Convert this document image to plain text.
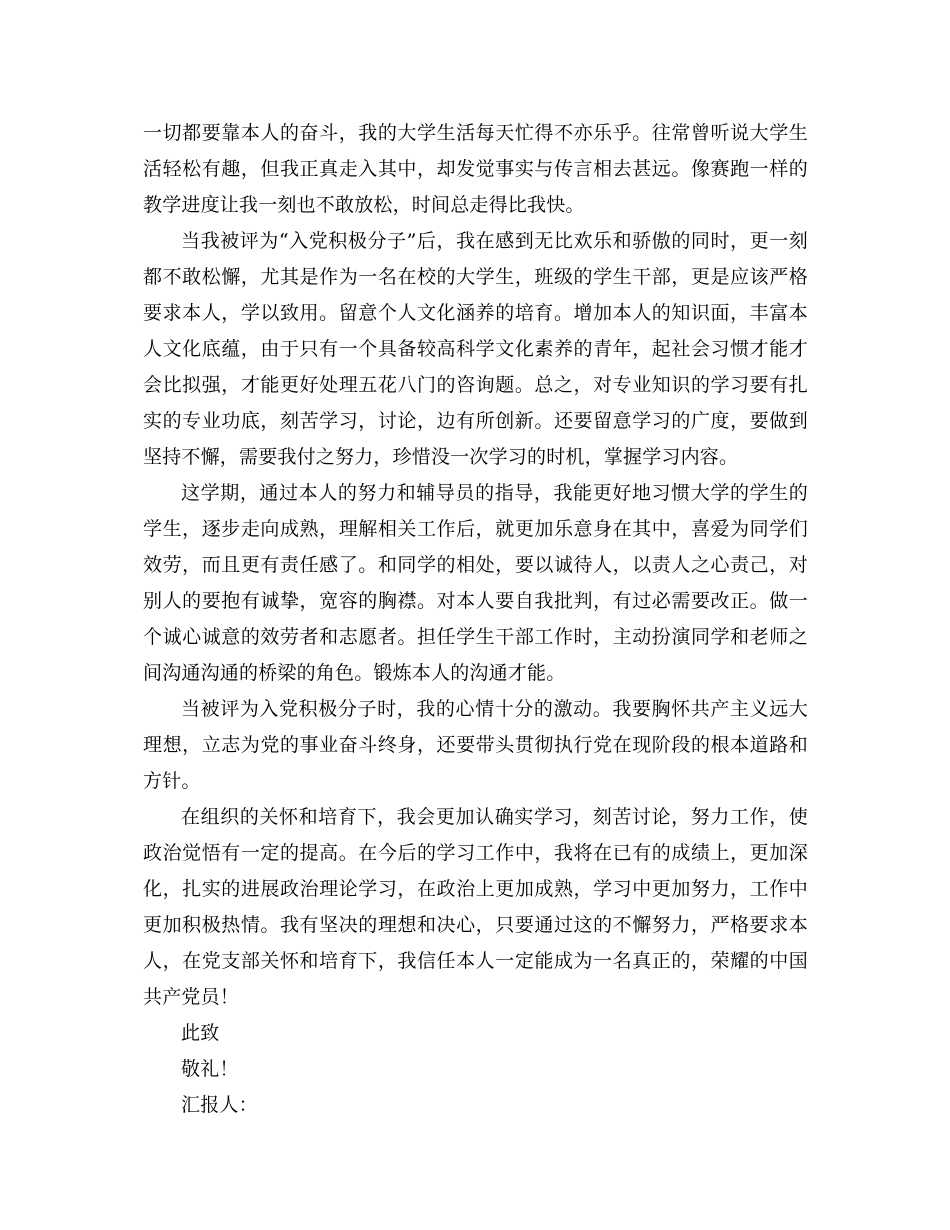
一切都要靠本人的奋斗，我的大学生活每天忙得不亦乐乎。往常曾听说大学生活轻松有趣，但我正真走入其中，却发觉事实与传言相去甚远。像赛跑一样的教学进度让我一刻也不敢放松，时间总走得比我快。

当我被评为“入党积极分子”后，我在感到无比欢乐和骄傲的同时，更一刻都不敢松懈，尤其是作为一名在校的大学生，班级的学生干部，更是应该严格要求本人，学以致用。留意个人文化涵养的培育。增加本人的知识面，丰富本人文化底蕴，由于只有一个具备较高科学文化素养的青年，起社会习惯才能才会比拟强，才能更好处理五花八门的咨询题。总之，对专业知识的学习要有扎实的专业功底，刻苦学习，讨论，边有所创新。还要留意学习的广度，要做到坚持不懈，需要我付之努力，珍惜没一次学习的时机，掌握学习内容。

这学期，通过本人的努力和辅导员的指导，我能更好地习惯大学的学生的学生，逐步走向成熟，理解相关工作后，就更加乐意身在其中，喜爱为同学们效劳，而且更有责任感了。和同学的相处，要以诚待人，以责人之心责己，对别人的要抱有诚挚，宽容的胸襟。对本人要自我批判，有过必需要改正。做一个诚心诚意的效劳者和志愿者。担任学生干部工作时，主动扮演同学和老师之间沟通沟通的桥梁的角色。锻炼本人的沟通才能。

当被评为入党积极分子时，我的心情十分的激动。我要胸怀共产主义远大理想，立志为党的事业奋斗终身，还要带头贯彻执行党在现阶段的根本道路和方针。

在组织的关怀和培育下，我会更加认确实学习，刻苦讨论，努力工作，使政治觉悟有一定的提高。在今后的学习工作中，我将在已有的成绩上，更加深化，扎实的进展政治理论学习，在政治上更加成熟，学习中更加努力，工作中更加积极热情。我有坚决的理想和决心，只要通过这的不懈努力，严格要求本人，在党支部关怀和培育下，我信任本人一定能成为一名真正的，荣耀的中国共产党员！

此致

敬礼！

汇报人：
